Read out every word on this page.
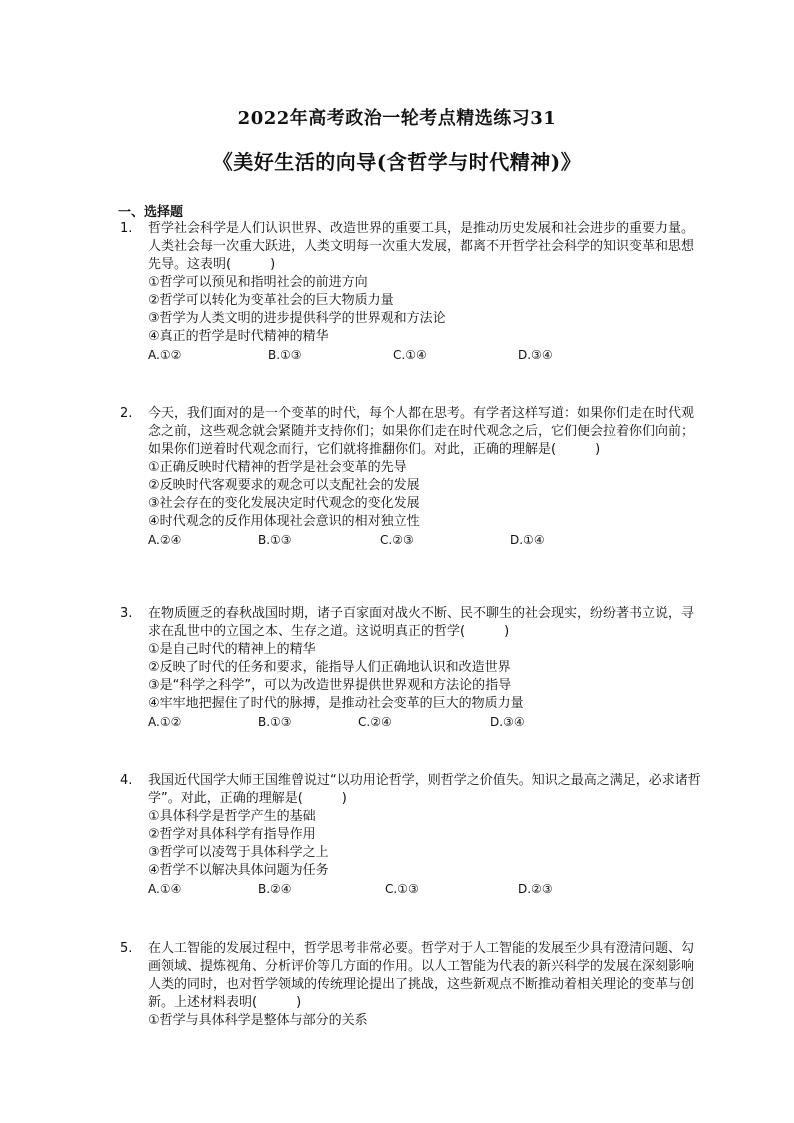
2022年高考政治一轮考点精选练习31
《美好生活的向导(含哲学与时代精神)》
一、选择题

1. 哲学社会科学是人们认识世界、改造世界的重要工具，是推动历史发展和社会进步的重要力量。人类社会每一次重大跃进，人类文明每一次重大发展，都离不开哲学社会科学的知识变革和思想先导。这表明(　　　)

①哲学可以预见和指明社会的前进方向

②哲学可以转化为变革社会的巨大物质力量

③哲学为人类文明的进步提供科学的世界观和方法论

④真正的哲学是时代精神的精华

A.①②	B.①③	C.①④	D.③④

2. 今天，我们面对的是一个变革的时代，每个人都在思考。有学者这样写道：如果你们走在时代观念之前，这些观念就会紧随并支持你们；如果你们走在时代观念之后，它们便会拉着你们向前；如果你们逆着时代观念而行，它们就将推翻你们。对此，正确的理解是(　　　)

①正确反映时代精神的哲学是社会变革的先导

②反映时代客观要求的观念可以支配社会的发展

③社会存在的变化发展决定时代观念的变化发展

④时代观念的反作用体现社会意识的相对独立性

A.②④	B.①③	C.②③	D.①④

3. 在物质匮乏的春秋战国时期，诸子百家面对战火不断、民不聊生的社会现实，纷纷著书立说，寻求在乱世中的立国之本、生存之道。这说明真正的哲学(　　　)

①是自己时代的精神上的精华

②反映了时代的任务和要求，能指导人们正确地认识和改造世界

③是“科学之科学”，可以为改造世界提供世界观和方法论的指导

④牢牢地把握住了时代的脉搏，是推动社会变革的巨大的物质力量

A.①②	B.①③	C.②④	D.③④

4. 我国近代国学大师王国维曾说过“以功用论哲学，则哲学之价值失。知识之最高之满足，必求诸哲学”。对此，正确的理解是(　　　)

①具体科学是哲学产生的基础

②哲学对具体科学有指导作用

③哲学可以凌驾于具体科学之上

④哲学不以解决具体问题为任务

A.①④	B.②④	C.①③	D.②③

5. 在人工智能的发展过程中，哲学思考非常必要。哲学对于人工智能的发展至少具有澄清问题、勾画领域、提炼视角、分析评价等几方面的作用。以人工智能为代表的新兴科学的发展在深刻影响人类的同时，也对哲学领域的传统理论提出了挑战，这些新观点不断推动着相关理论的变革与创新。上述材料表明(　　　)

①哲学与具体科学是整体与部分的关系
